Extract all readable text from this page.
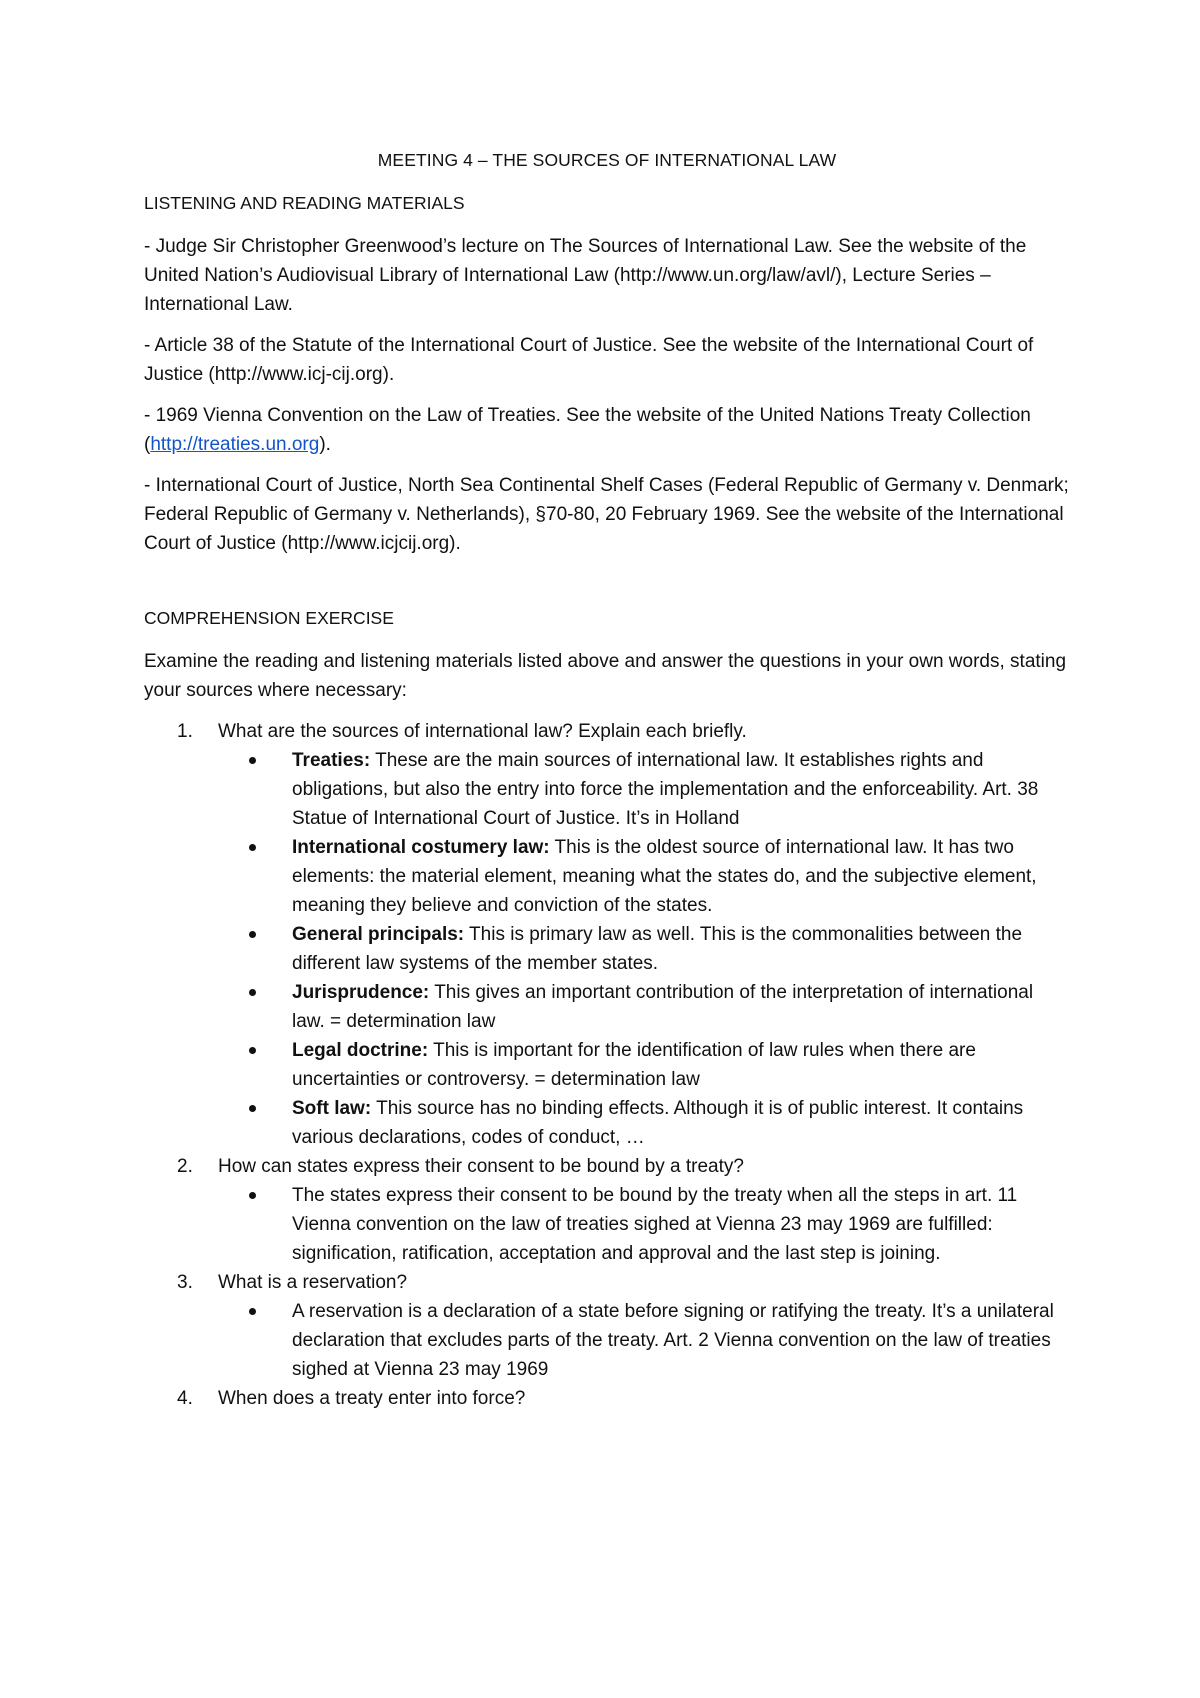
MEETING 4 – THE SOURCES OF INTERNATIONAL LAW
LISTENING AND READING MATERIALS

- Judge Sir Christopher Greenwood’s lecture on The Sources of International Law. See the website of the United Nation’s Audiovisual Library of International Law (http://www.un.org/law/avl/), Lecture Series – International Law.

- Article 38 of the Statute of the International Court of Justice. See the website of the International Court of Justice (http://www.icj-cij.org).

- 1969 Vienna Convention on the Law of Treaties. See the website of the United Nations Treaty Collection (http://treaties.un.org).

- International Court of Justice, North Sea Continental Shelf Cases (Federal Republic of Germany v. Denmark; Federal Republic of Germany v. Netherlands), §70-80, 20 February 1969. See the website of the International Court of Justice (http://www.icjcij.org).

COMPREHENSION EXERCISE

Examine the reading and listening materials listed above and answer the questions in your own words, stating your sources where necessary:

1. What are the sources of international law? Explain each briefly.
Treaties: These are the main sources of international law. It establishes rights and obligations, but also the entry into force the implementation and the enforceability. Art. 38 Statue of International Court of Justice. It’s in Holland
International costumery law: This is the oldest source of international law. It has two elements: the material element, meaning what the states do, and the subjective element, meaning they believe and conviction of the states.
General principals: This is primary law as well. This is the commonalities between the different law systems of the member states.
Jurisprudence: This gives an important contribution of the interpretation of international law. = determination law
Legal doctrine: This is important for the identification of law rules when there are uncertainties or controversy. = determination law
Soft law: This source has no binding effects. Although it is of public interest. It contains various declarations, codes of conduct, …
2. How can states express their consent to be bound by a treaty?
The states express their consent to be bound by the treaty when all the steps in art. 11 Vienna convention on the law of treaties sighed at Vienna 23 may 1969 are fulfilled: signification, ratification, acceptation and approval and the last step is joining.
3. What is a reservation?
A reservation is a declaration of a state before signing or ratifying the treaty. It’s a unilateral declaration that excludes parts of the treaty. Art. 2 Vienna convention on the law of treaties sighed at Vienna 23 may 1969
4. When does a treaty enter into force?
